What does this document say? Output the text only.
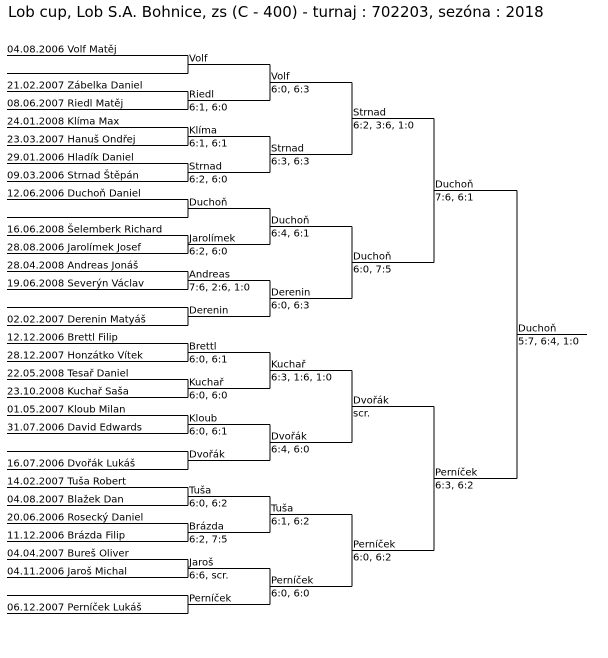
Lob cup, Lob S.A. Bohnice, zs (C - 400) - turnaj : 702203, sezóna : 2018
04.08.2006 Volf Matěj
21.02.2007 Zábelka Daniel
08.06.2007 Riedl Matěj
24.01.2008 Klíma Max
23.03.2007 Hanuš Ondřej
29.01.2006 Hladík Daniel
09.03.2006 Strnad Štěpán
12.06.2006 Duchoň Daniel
16.06.2008 Šelemberk Richard
28.08.2006 Jarolímek Josef
28.04.2008 Andreas Jonáš
19.06.2008 Severýn Václav
02.02.2007 Derenin Matyáš
12.12.2006 Brettl Filip
28.12.2007 Honzátko Vítek
22.05.2008 Tesař Daniel
23.10.2008 Kuchař Saša
01.05.2007 Kloub Milan
31.07.2006 David Edwards
16.07.2006 Dvořák Lukáš
14.02.2007 Tuša Robert
04.08.2007 Blažek Dan
20.06.2006 Rosecký Daniel
11.12.2006 Brázda Filip
04.04.2007 Bureš Oliver
04.11.2006 Jaroš Michal
06.12.2007 Perníček Lukáš
Volf
Riedl
6:1, 6:0
Klíma
6:1, 6:1
Strnad
6:2, 6:0
Duchoň
Jarolímek
6:2, 6:0
Andreas
7:6, 2:6, 1:0
Derenin
Brettl
6:0, 6:1
Kuchař
6:0, 6:0
Kloub
6:0, 6:1
Dvořák
Tuša
6:0, 6:2
Brázda
6:2, 7:5
Jaroš
6:6, scr.
Perníček
Volf
6:0, 6:3
Strnad
6:3, 6:3
Duchoň
6:4, 6:1
Derenin
6:0, 6:3
Kuchař
6:3, 1:6, 1:0
Dvořák
6:4, 6:0
Tuša
6:1, 6:2
Perníček
6:0, 6:0
Strnad
6:2, 3:6, 1:0
Duchoň
6:0, 7:5
Dvořák
scr.
Perníček
6:0, 6:2
Duchoň
7:6, 6:1
Perníček
6:3, 6:2
Duchoň
5:7, 6:4, 1:0
